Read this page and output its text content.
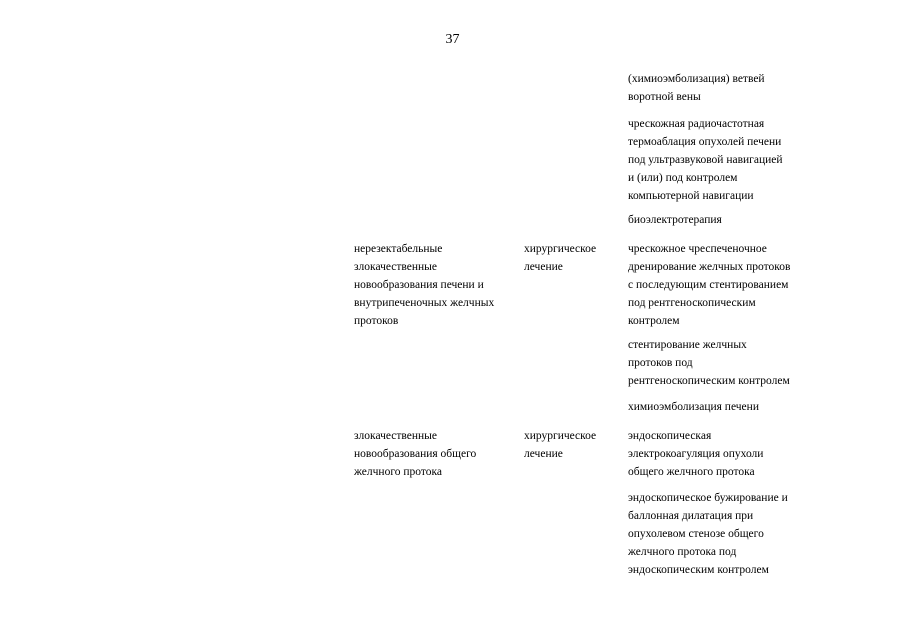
37
(химиоэмболизация) ветвей
воротной вены
чрескожная радиочастотная
термоаблация опухолей печени
под ультразвуковой навигацией
и (или) под контролем
компьютерной навигации
биоэлектротерапия
нерезектабельные
злокачественные
новообразования печени и
внутрипеченочных желчных
протоков
хирургическое
лечение
чрескожное чреспеченочное
дренирование желчных протоков
с последующим стентированием
под рентгеноскопическим
контролем
стентирование желчных
протоков под
рентгеноскопическим контролем
химиоэмболизация печени
злокачественные
новообразования общего
желчного протока
хирургическое
лечение
эндоскопическая
электрокоагуляция опухоли
общего желчного протока
эндоскопическое бужирование и
баллонная дилатация при
опухолевом стенозе общего
желчного протока под
эндоскопическим контролем
